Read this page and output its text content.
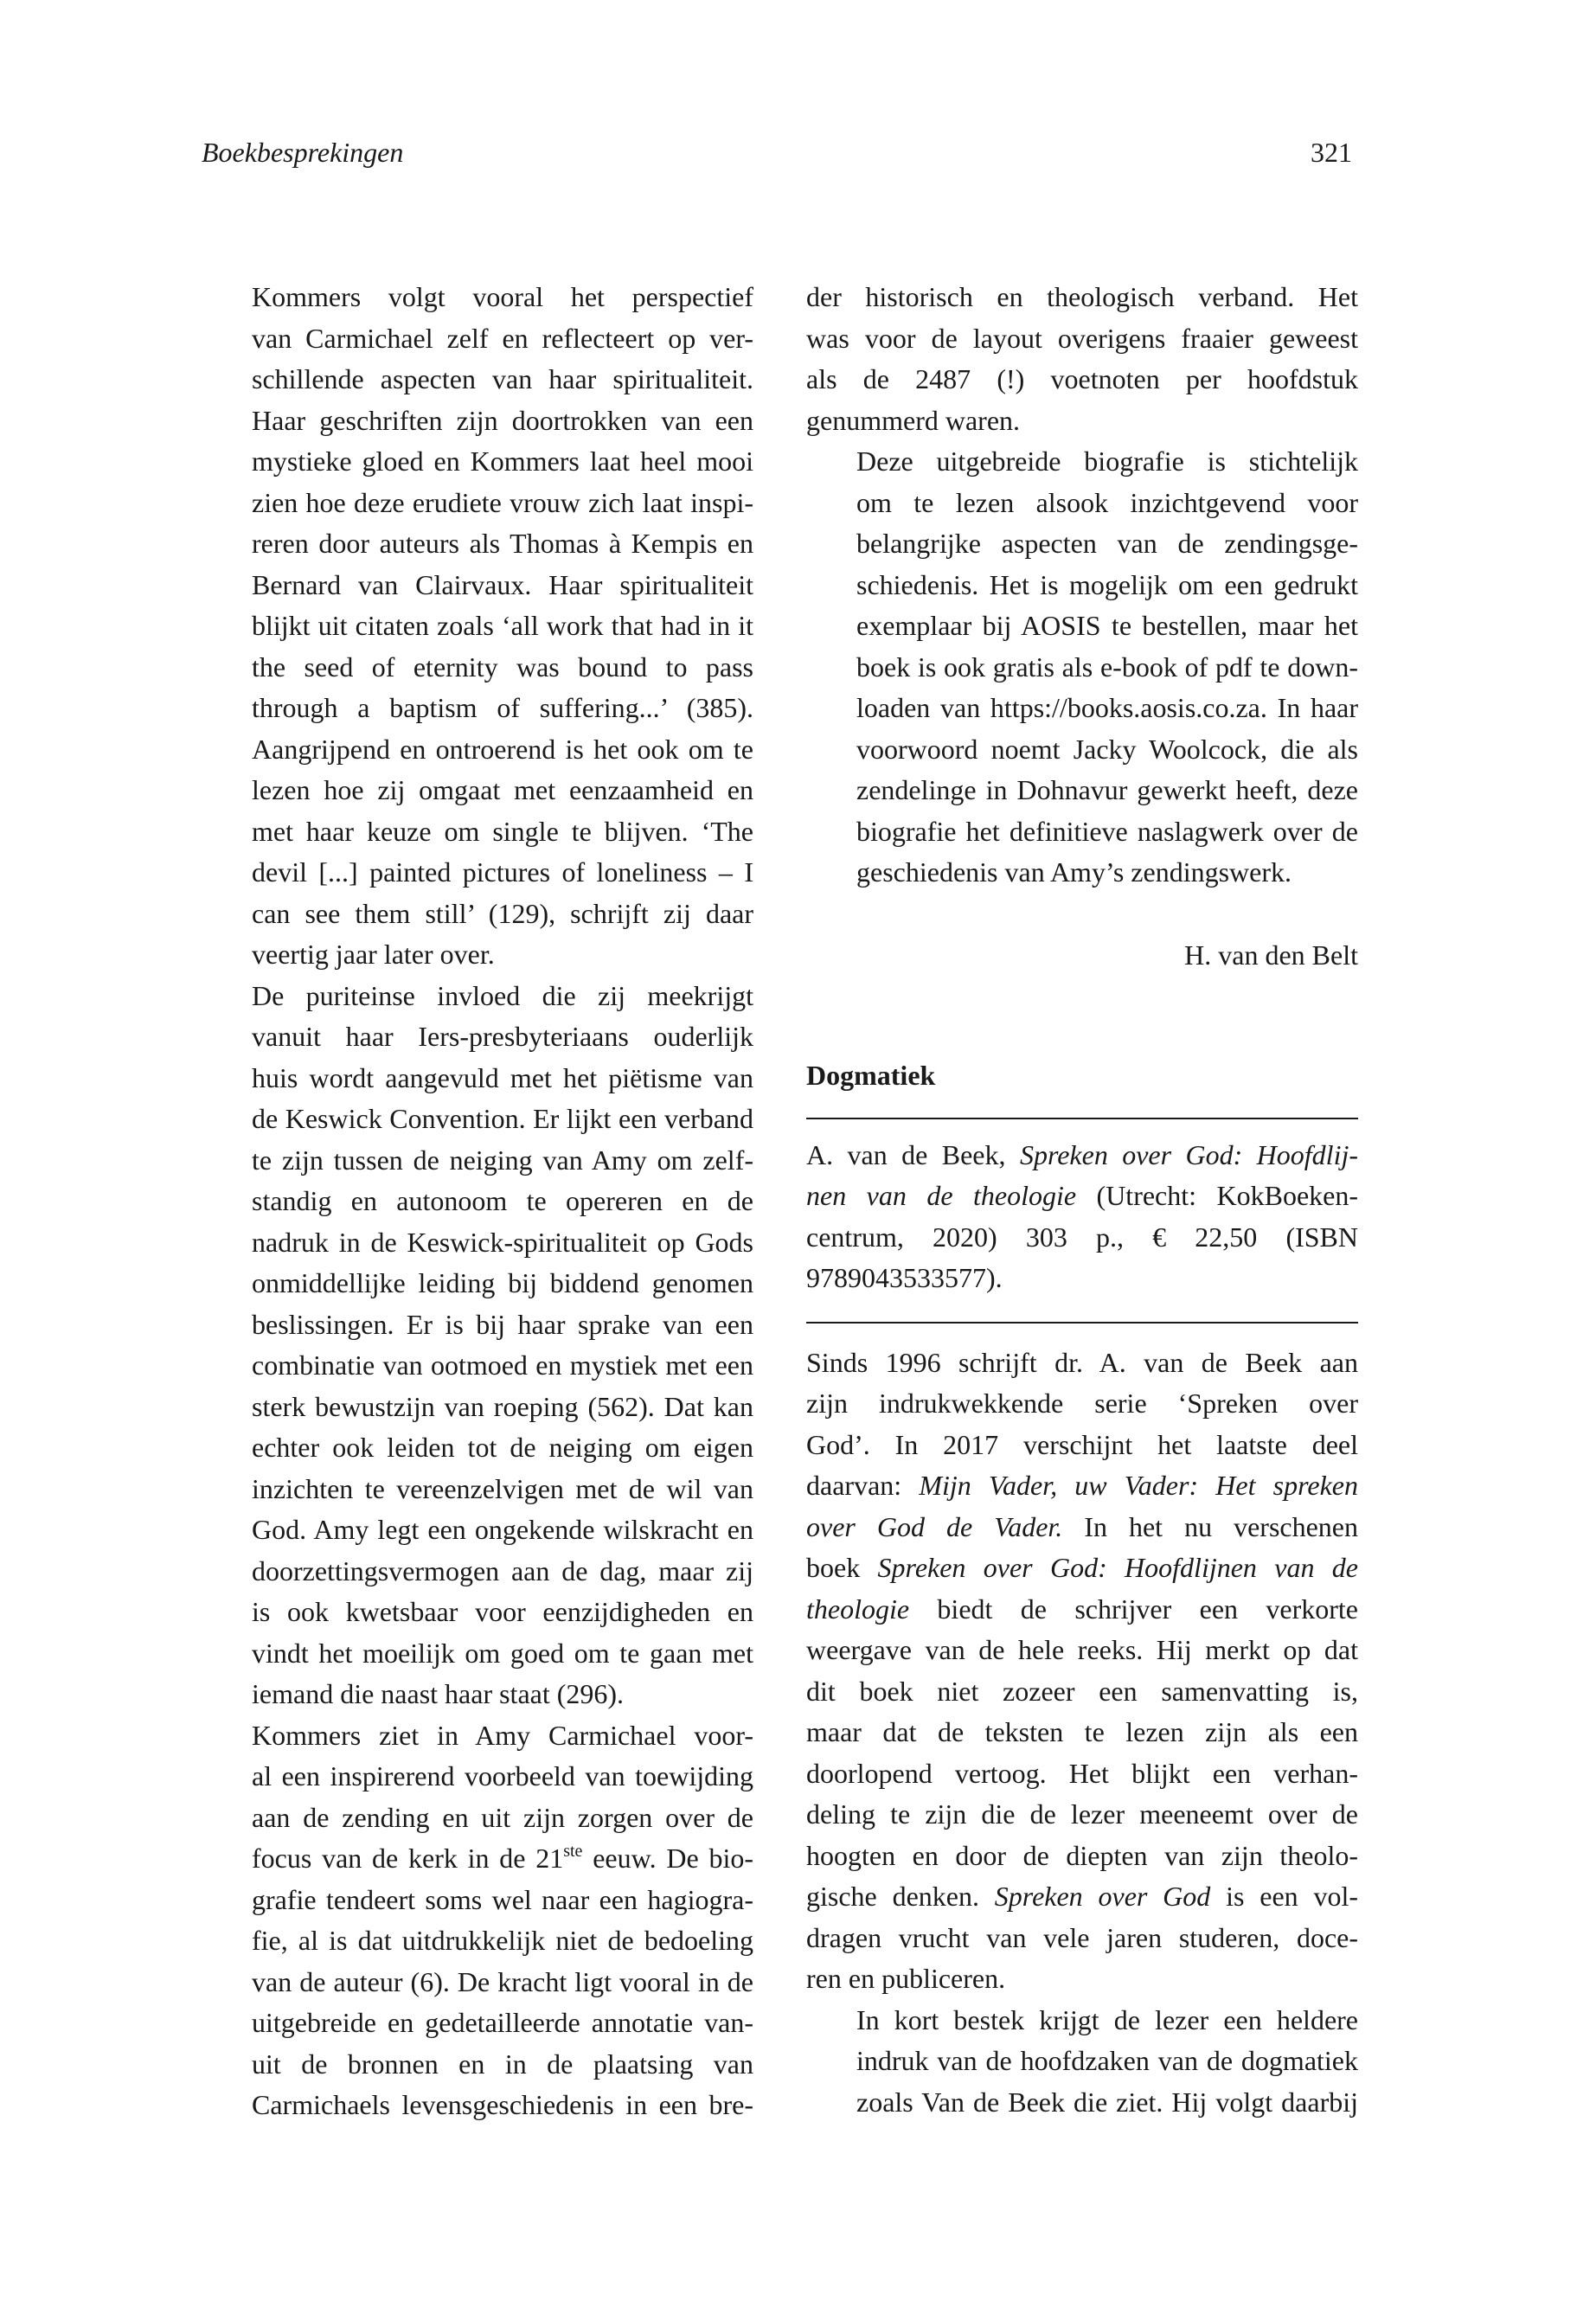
Boekbesprekingen	321

Kommers volgt vooral het perspectief
van Carmichael zelf en reflecteert op ver-
schillende aspecten van haar spiritualiteit.
Haar geschriften zijn doortrokken van een
mystieke gloed en Kommers laat heel mooi
zien hoe deze erudiete vrouw zich laat inspi-
reren door auteurs als Thomas à Kempis en
Bernard van Clairvaux. Haar spiritualiteit
blijkt uit citaten zoals ‘all work that had in it
the seed of eternity was bound to pass
through a baptism of suffering...’ (385).
Aangrijpend en ontroerend is het ook om te
lezen hoe zij omgaat met eenzaamheid en
met haar keuze om single te blijven. ‘The
devil [...] painted pictures of loneliness – I
can see them still’ (129), schrijft zij daar
veertig jaar later over.

De puriteinse invloed die zij meekrijgt
vanuit haar Iers-presbyteriaans ouderlijk
huis wordt aangevuld met het piëtisme van
de Keswick Convention. Er lijkt een verband
te zijn tussen de neiging van Amy om zelf-
standig en autonoom te opereren en de
nadruk in de Keswick-spiritualiteit op Gods
onmiddellijke leiding bij biddend genomen
beslissingen. Er is bij haar sprake van een
combinatie van ootmoed en mystiek met een
sterk bewustzijn van roeping (562). Dat kan
echter ook leiden tot de neiging om eigen
inzichten te vereenzelvigen met de wil van
God. Amy legt een ongekende wilskracht en
doorzettingsvermogen aan de dag, maar zij
is ook kwetsbaar voor eenzijdigheden en
vindt het moeilijk om goed om te gaan met
iemand die naast haar staat (296).

Kommers ziet in Amy Carmichael voor-
al een inspirerend voorbeeld van toewijding
aan de zending en uit zijn zorgen over de
focus van de kerk in de 21ste eeuw. De bio-
grafie tendeert soms wel naar een hagiogra-
fie, al is dat uitdrukkelijk niet de bedoeling
van de auteur (6). De kracht ligt vooral in de
uitgebreide en gedetailleerde annotatie van-
uit de bronnen en in de plaatsing van
Carmichaels levensgeschiedenis in een bre-

der historisch en theologisch verband. Het
was voor de layout overigens fraaier geweest
als de 2487 (!) voetnoten per hoofdstuk
genummerd waren.

Deze uitgebreide biografie is stichtelijk
om te lezen alsook inzichtgevend voor
belangrijke aspecten van de zendingsge-
schiedenis. Het is mogelijk om een gedrukt
exemplaar bij AOSIS te bestellen, maar het
boek is ook gratis als e-book of pdf te down-
loaden van https://books.aosis.co.za. In haar
voorwoord noemt Jacky Woolcock, die als
zendelinge in Dohnavur gewerkt heeft, deze
biografie het definitieve naslagwerk over de
geschiedenis van Amy’s zendingswerk.

H. van den Belt
Dogmatiek

A. van de Beek, Spreken over God: Hoofdlij-
nen van de theologie (Utrecht: KokBoeken-
centrum, 2020) 303 p., € 22,50 (ISBN
9789043533577).

Sinds 1996 schrijft dr. A. van de Beek aan
zijn indrukwekkende serie ‘Spreken over
God’. In 2017 verschijnt het laatste deel
daarvan: Mijn Vader, uw Vader: Het spreken
over God de Vader. In het nu verschenen
boek Spreken over God: Hoofdlijnen van de
theologie biedt de schrijver een verkorte
weergave van de hele reeks. Hij merkt op dat
dit boek niet zozeer een samenvatting is,
maar dat de teksten te lezen zijn als een
doorlopend vertoog. Het blijkt een verhan-
deling te zijn die de lezer meeneemt over de
hoogten en door de diepten van zijn theolo-
gische denken. Spreken over God is een vol-
dragen vrucht van vele jaren studeren, doce-
ren en publiceren.

In kort bestek krijgt de lezer een heldere
indruk van de hoofdzaken van de dogmatiek
zoals Van de Beek die ziet. Hij volgt daarbij
